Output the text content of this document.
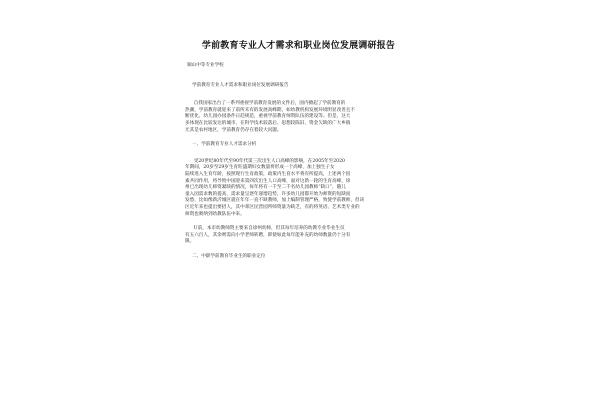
学前教育专业人才需求和职业岗位发展调研报告

铜山中等专业学校

学前教育专业人才需求和职业岗位发展调研报告

自我国家出台了一系列重视学前教育发展的文件后，国内掀起了学前教育的

热潮，学前教育就迎来了前所未有的发展高峰期，如幼教机构发展环境明显改善且不

断优化，幼儿园办园条件日趋规范，重视学前教育师资队伍的建设等。但是，这大

多体现在比较发达的城市，在科学技术较落后、思想较陈旧、资金欠缺的广大乡镇

尤其是农村地区，学前教育仍存在着较大问题。

一、学前教育专业人才需求分析

受20世纪80年代至90年代第三次出生人口高峰的影响，在2005年至2020

年期间，20岁至29岁生育旺盛期妇女数量将形成一个高峰，加上独生子女

陆续进入生育年龄，按照现行生育政策，政策内生育水平将有所提高，上述两个因

素共同作用，将导致中国迎来第四次出生人口高峰，面对这新一轮的生育高峰，徐

州已出现幼儿师资紧缺的情况，每年将有一千至二千名幼儿园教师“缺口”，随儿

童入园需求数的提高，需求量呈逐年递增趋势，许多幼儿园都开始为师资的短缺而

发愁，比如像新沂城区就在年年一直不缺教师，加上编制管理严格，致使学前教师，但该

区近年来也提出要招人，其中邳区民营园所师资量为缺乏，有的将英语、艺术类专业的

师资也吸纳到幼教队伍中来。

U前，本市幼教师资主要来自徐州幼师，但其每年培养的幼教专业毕业生仅

有五六百人，其余则需向小学老师转聘，即使如此每年能补充的幼师数量仍十分有

限。

二、中职学前教育毕业生的职业定位
